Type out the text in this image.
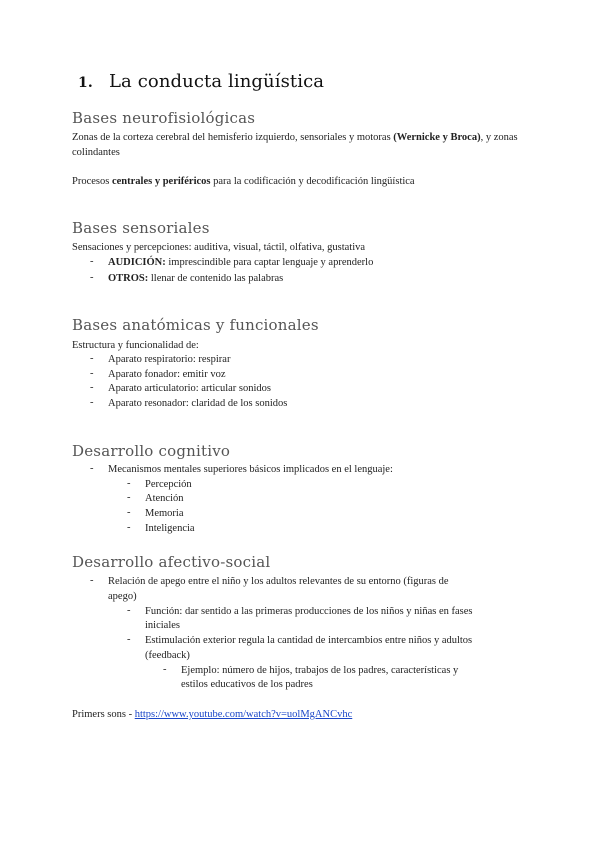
1. La conducta lingüística
Bases neurofisiológicas
Zonas de la corteza cerebral del hemisferio izquierdo, sensoriales y motoras (Wernicke y Broca), y zonas colindantes
Procesos centrales y periféricos para la codificación y decodificación lingüística
Bases sensoriales
Sensaciones y percepciones: auditiva, visual, táctil, olfativa, gustativa
- AUDICIÓN: imprescindible para captar lenguaje y aprenderlo
- OTROS: llenar de contenido las palabras
Bases anatómicas y funcionales
Estructura y funcionalidad de:
- Aparato respiratorio: respirar
- Aparato fonador: emitir voz
- Aparato articulatorio: articular sonidos
- Aparato resonador: claridad de los sonidos
Desarrollo cognitivo
- Mecanismos mentales superiores básicos implicados en el lenguaje:
- Percepción
- Atención
- Memoria
- Inteligencia
Desarrollo afectivo-social
- Relación de apego entre el niño y los adultos relevantes de su entorno (figuras de
apego)
- Función: dar sentido a las primeras producciones de los niños y niñas en fases
iniciales
- Estimulación exterior regula la cantidad de intercambios entre niños y adultos
(feedback)
- Ejemplo: número de hijos, trabajos de los padres, características y
estilos educativos de los padres
Primers sons - https://www.youtube.com/watch?v=uolMgANCvhc
